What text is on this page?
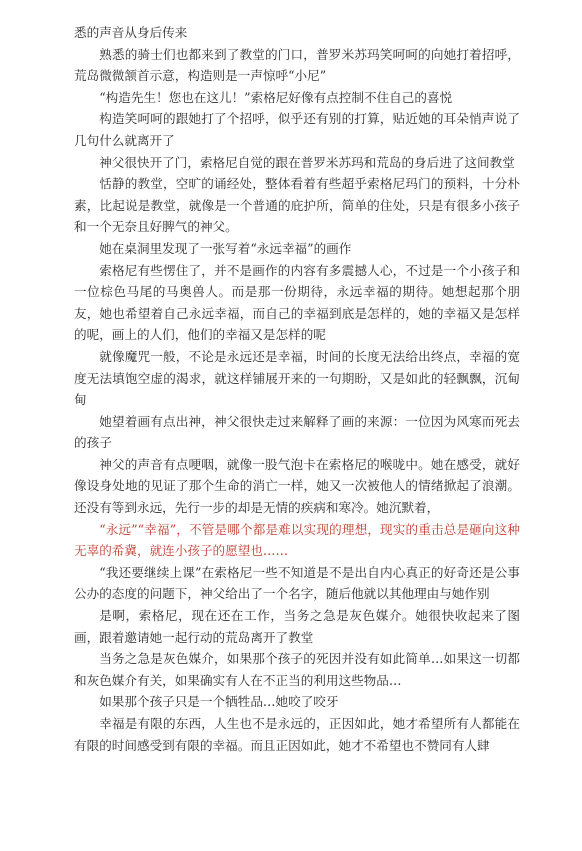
悉的声音从身后传来

熟悉的骑士们也都来到了教堂的门口，普罗米苏玛笑呵呵的向她打着招呼，荒岛微微颔首示意，构造则是一声惊呼“小尼”

“构造先生！您也在这儿！”索格尼好像有点控制不住自己的喜悦

构造笑呵呵的跟她打了个招呼，似乎还有别的打算，贴近她的耳朵悄声说了几句什么就离开了

神父很快开了门，索格尼自觉的跟在普罗米苏玛和荒岛的身后进了这间教堂

恬静的教堂，空旷的诵经处，整体看着有些超乎索格尼玛门的预料，十分朴素，比起说是教堂，就像是一个普通的庇护所，简单的住处，只是有很多小孩子和一个无奈且好脾气的神父。

她在桌洞里发现了一张写着“永远幸福”的画作

索格尼有些愣住了，并不是画作的内容有多震撼人心，不过是一个小孩子和一位棕色马尾的马奥兽人。而是那一份期待，永远幸福的期待。她想起那个朋友，她也希望着自己永远幸福，而自己的幸福到底是怎样的，她的幸福又是怎样的呢，画上的人们，他们的幸福又是怎样的呢

就像魔咒一般，不论是永远还是幸福，时间的长度无法给出终点，幸福的宽度无法填饱空虚的渴求，就这样铺展开来的一句期盼，又是如此的轻飘飘，沉甸甸

她望着画有点出神，神父很快走过来解释了画的来源：一位因为风寒而死去的孩子

神父的声音有点哽咽，就像一股气泡卡在索格尼的喉咙中。她在感受，就好像设身处地的见证了那个生命的消亡一样，她又一次被他人的情绪掀起了浪潮。还没有等到永远，先行一步的却是无情的疾病和寒冷。她沉默着，

“永远”“幸福”，不管是哪个都是难以实现的理想，现实的重击总是砸向这种无辜的希冀，就连小孩子的愿望也……

“我还要继续上课”在索格尼一些不知道是不是出自内心真正的好奇还是公事公办的态度的问题下，神父给出了一个名字，随后他就以其他理由与她作别

是啊，索格尼，现在还在工作，当务之急是灰色媒介。她很快收起来了图画，跟着邀请她一起行动的荒岛离开了教堂

当务之急是灰色媒介，如果那个孩子的死因并没有如此简单…如果这一切都和灰色媒介有关，如果确实有人在不正当的利用这些物品…

如果那个孩子只是一个牺牲品…她咬了咬牙

幸福是有限的东西，人生也不是永远的，正因如此，她才希望所有人都能在有限的时间感受到有限的幸福。而且正因如此，她才不希望也不赞同有人肆
